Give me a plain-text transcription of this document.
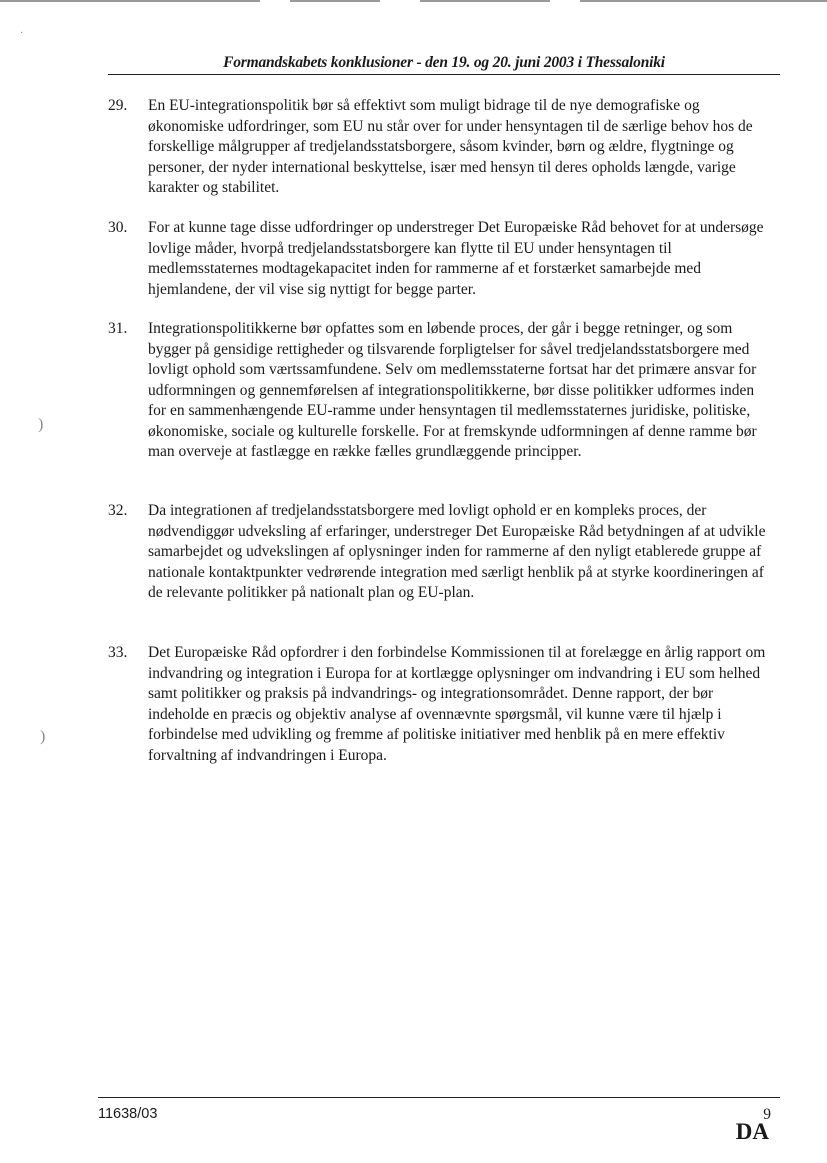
·
)
)
Formandskabets konklusioner - den 19. og 20. juni 2003 i Thessaloniki
29.	En EU-integrationspolitik bør så effektivt som muligt bidrage til de nye demografiske og økonomiske udfordringer, som EU nu står over for under hensyntagen til de særlige behov hos de forskellige målgrupper af tredjelandsstatsborgere, såsom kvinder, børn og ældre, flygtninge og personer, der nyder international beskyttelse, især med hensyn til deres opholds længde, varige karakter og stabilitet.
30.	For at kunne tage disse udfordringer op understreger Det Europæiske Råd behovet for at undersøge lovlige måder, hvorpå tredjelandsstatsborgere kan flytte til EU under hensyntagen til medlemsstaternes modtagekapacitet inden for rammerne af et forstærket samarbejde med hjemlandene, der vil vise sig nyttigt for begge parter.
31.	Integrationspolitikkerne bør opfattes som en løbende proces, der går i begge retninger, og som bygger på gensidige rettigheder og tilsvarende forpligtelser for såvel tredjelandsstatsborgere med lovligt ophold som værtssamfundene. Selv om medlemsstaterne fortsat har det primære ansvar for udformningen og gennemførelsen af integrationspolitikkerne, bør disse politikker udformes inden for en sammenhængende EU-ramme under hensyntagen til medlemsstaternes juridiske, politiske, økonomiske, sociale og kulturelle forskelle. For at fremskynde udformningen af denne ramme bør man overveje at fastlægge en række fælles grundlæggende principper.
32.	Da integrationen af tredjelandsstatsborgere med lovligt ophold er en kompleks proces, der nødvendiggør udveksling af erfaringer, understreger Det Europæiske Råd betydningen af at udvikle samarbejdet og udvekslingen af oplysninger inden for rammerne af den nyligt etablerede gruppe af nationale kontaktpunkter vedrørende integration med særligt henblik på at styrke koordineringen af de relevante politikker på nationalt plan og EU-plan.
33.	Det Europæiske Råd opfordrer i den forbindelse Kommissionen til at forelægge en årlig rapport om indvandring og integration i Europa for at kortlægge oplysninger om indvandring i EU som helhed samt politikker og praksis på indvandrings- og integrationsområdet. Denne rapport, der bør indeholde en præcis og objektiv analyse af ovennævnte spørgsmål, vil kunne være til hjælp i forbindelse med udvikling og fremme af politiske initiativer med henblik på en mere effektiv forvaltning af indvandringen i Europa.
11638/03	9
DA
